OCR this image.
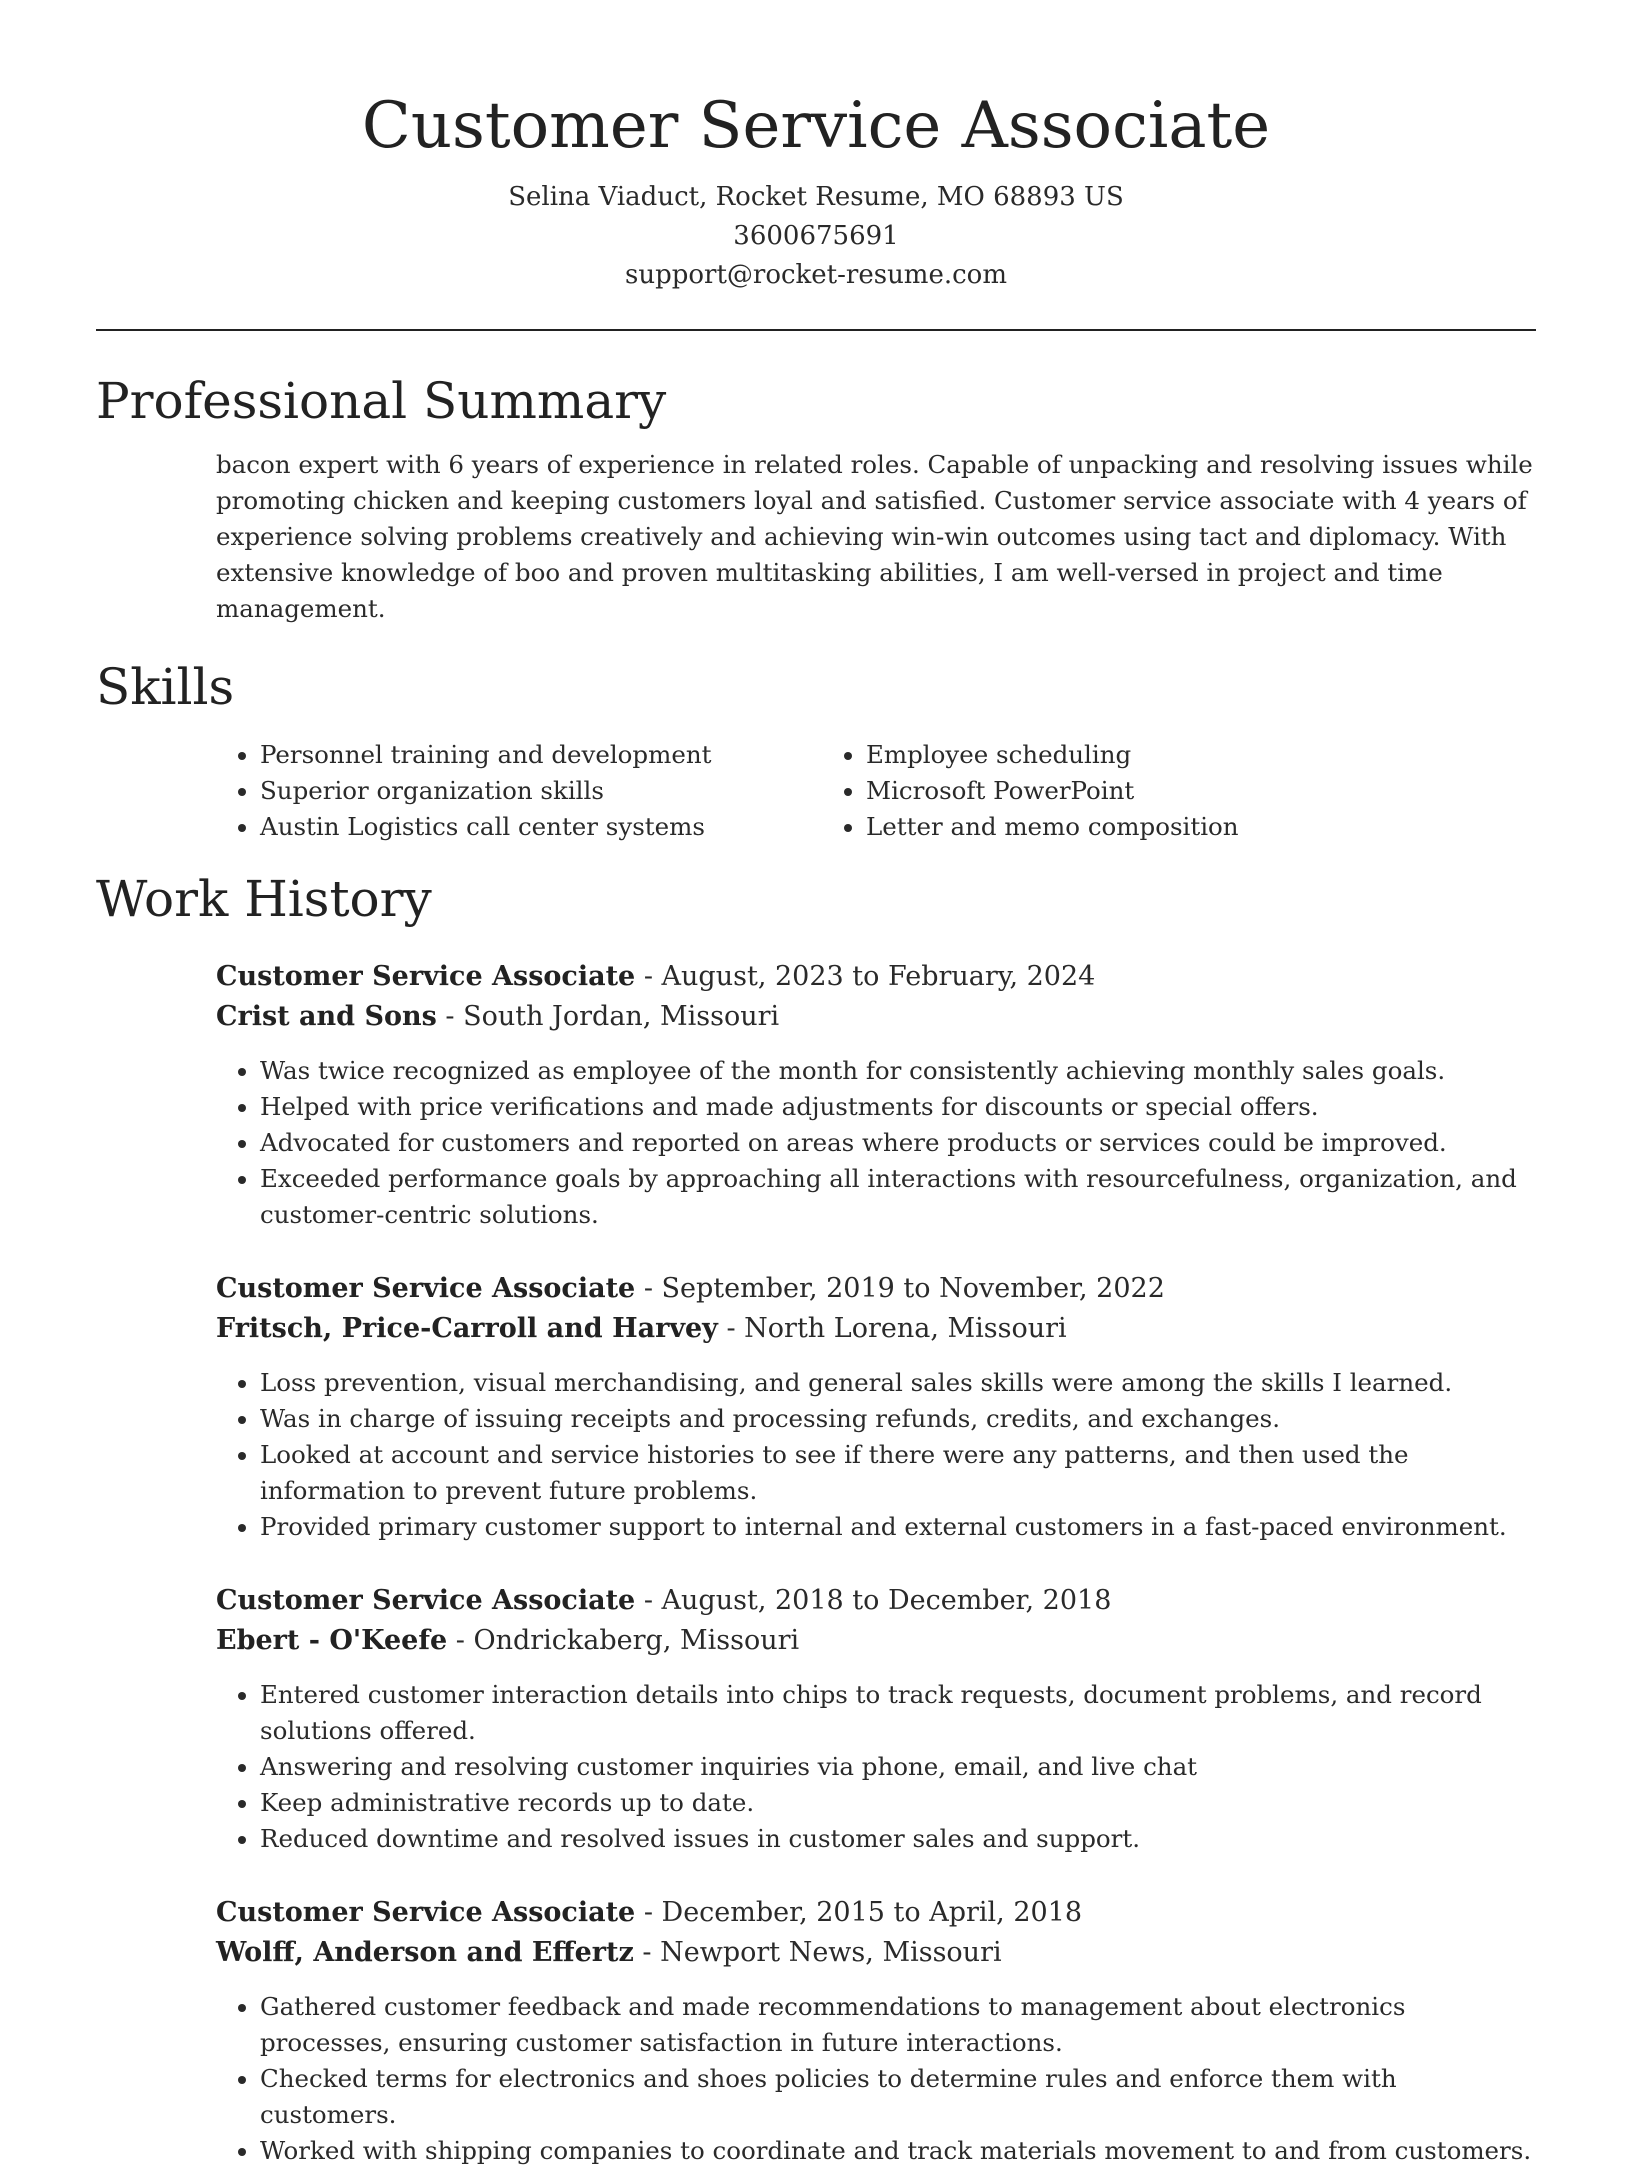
Customer Service Associate
Selina Viaduct, Rocket Resume, MO 68893 US
3600675691
support@rocket-resume.com
Professional Summary

bacon expert with 6 years of experience in related roles. Capable of unpacking and resolving issues while promoting chicken and keeping customers loyal and satisfied. Customer service associate with 4 years of experience solving problems creatively and achieving win-win outcomes using tact and diplomacy. With extensive knowledge of boo and proven multitasking abilities, I am well-versed in project and time management.

Skills
• Personnel training and development
• Superior organization skills
• Austin Logistics call center systems
• Employee scheduling
• Microsoft PowerPoint
• Letter and memo composition
Work History
Customer Service Associate - August, 2023 to February, 2024
Crist and Sons - South Jordan, Missouri
• Was twice recognized as employee of the month for consistently achieving monthly sales goals.
• Helped with price verifications and made adjustments for discounts or special offers.
• Advocated for customers and reported on areas where products or services could be improved.
• Exceeded performance goals by approaching all interactions with resourcefulness, organization, and customer-centric solutions.
Customer Service Associate - September, 2019 to November, 2022
Fritsch, Price-Carroll and Harvey - North Lorena, Missouri
• Loss prevention, visual merchandising, and general sales skills were among the skills I learned.
• Was in charge of issuing receipts and processing refunds, credits, and exchanges.
• Looked at account and service histories to see if there were any patterns, and then used the information to prevent future problems.
• Provided primary customer support to internal and external customers in a fast-paced environment.
Customer Service Associate - August, 2018 to December, 2018
Ebert - O'Keefe - Ondrickaberg, Missouri
• Entered customer interaction details into chips to track requests, document problems, and record solutions offered.
• Answering and resolving customer inquiries via phone, email, and live chat
• Keep administrative records up to date.
• Reduced downtime and resolved issues in customer sales and support.
Customer Service Associate - December, 2015 to April, 2018
Wolff, Anderson and Effertz - Newport News, Missouri
• Gathered customer feedback and made recommendations to management about electronics processes, ensuring customer satisfaction in future interactions.
• Checked terms for electronics and shoes policies to determine rules and enforce them with customers.
• Worked with shipping companies to coordinate and track materials movement to and from customers.
